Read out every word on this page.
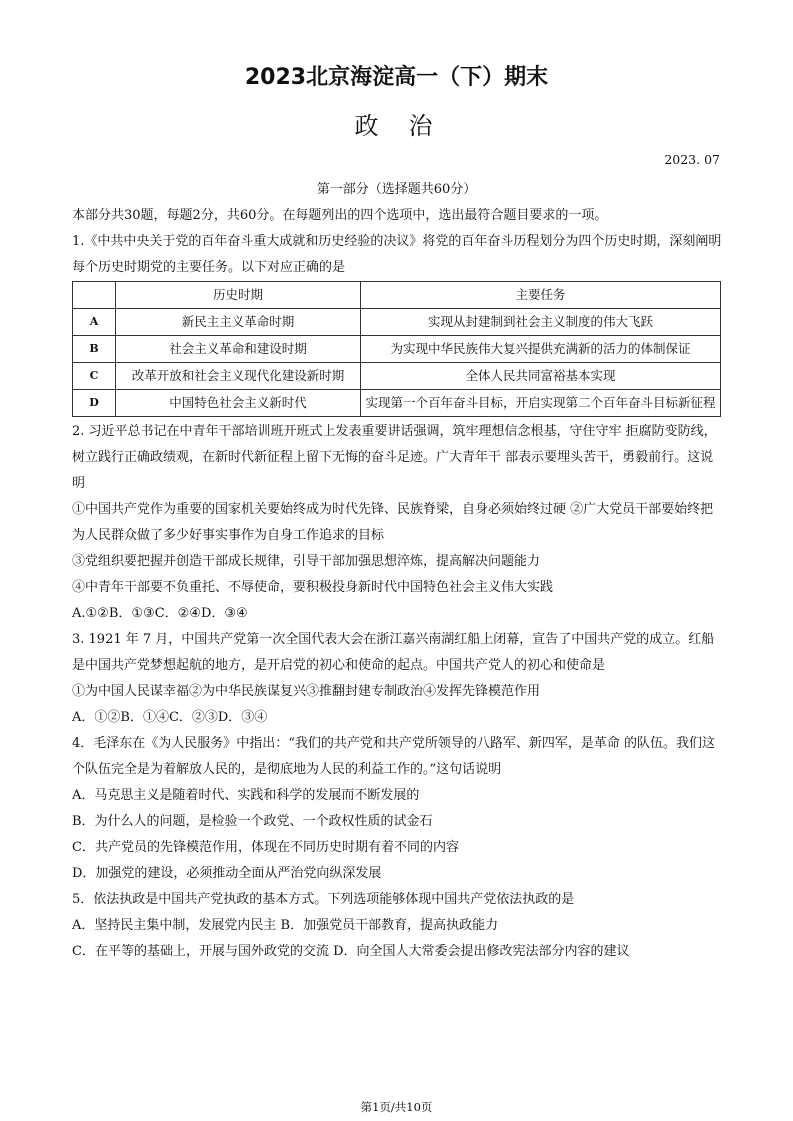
2023北京海淀高一（下）期末
政治
2023. 07
第一部分（选择题共60分）

本部分共30题，每题2分，共60分。在每题列出的四个选项中，选出最符合题目要求的一项。

1.《中共中央关于党的百年奋斗重大成就和历史经验的决议》将党的百年奋斗历程划分为四个历史时期，深刻阐明每个历史时期党的主要任务。以下对应正确的是

	历史时期	主要任务
A	新民主主义革命时期	实现从封建制到社会主义制度的伟大飞跃
B	社会主义革命和建设时期	为实现中华民族伟大复兴提供充满新的活力的体制保证
C	改革开放和社会主义现代化建设新时期	全体人民共同富裕基本实现
D	中国特色社会主义新时代	实现第一个百年奋斗目标，开启实现第二个百年奋斗目标新征程

2. 习近平总书记在中青年干部培训班开班式上发表重要讲话强调，筑牢理想信念根基，守住守牢 拒腐防变防线，树立践行正确政绩观，在新时代新征程上留下无悔的奋斗足迹。广大青年干 部表示要埋头苦干，勇毅前行。这说明

①中国共产党作为重要的国家机关要始终成为时代先锋、民族脊梁，自身必须始终过硬 ②广大党员干部要始终把为人民群众做了多少好事实事作为自身工作追求的目标

③党组织要把握并创造干部成长规律，引导干部加强思想淬炼，提高解决问题能力

④中青年干部要不负重托、不辱使命，要积极投身新时代中国特色社会主义伟大实践

A.①②B．①③C．②④D．③④

3. 1921 年 7 月，中国共产党第一次全国代表大会在浙江嘉兴南湖红船上闭幕，宣告了中国共产党的成立。红船是中国共产党梦想起航的地方，是开启党的初心和使命的起点。中国共产党人的初心和使命是

①为中国人民谋幸福②为中华民族谋复兴③推翻封建专制政治④发挥先锋模范作用

A．①②B．①④C．②③D．③④

4．毛泽东在《为人民服务》中指出：“我们的共产党和共产党所领导的八路军、新四军，是革命 的队伍。我们这个队伍完全是为着解放人民的，是彻底地为人民的利益工作的。”这句话说明

A．马克思主义是随着时代、实践和科学的发展而不断发展的

B．为什么人的问题，是检验一个政党、一个政权性质的试金石

C．共产党员的先锋模范作用，体现在不同历史时期有着不同的内容

D．加强党的建设，必须推动全面从严治党向纵深发展

5．依法执政是中国共产党执政的基本方式。下列选项能够体现中国共产党依法执政的是

A．坚持民主集中制，发展党内民主 B．加强党员干部教育，提高执政能力

C．在平等的基础上，开展与国外政党的交流 D．向全国人大常委会提出修改宪法部分内容的建议

第1页/共10页
